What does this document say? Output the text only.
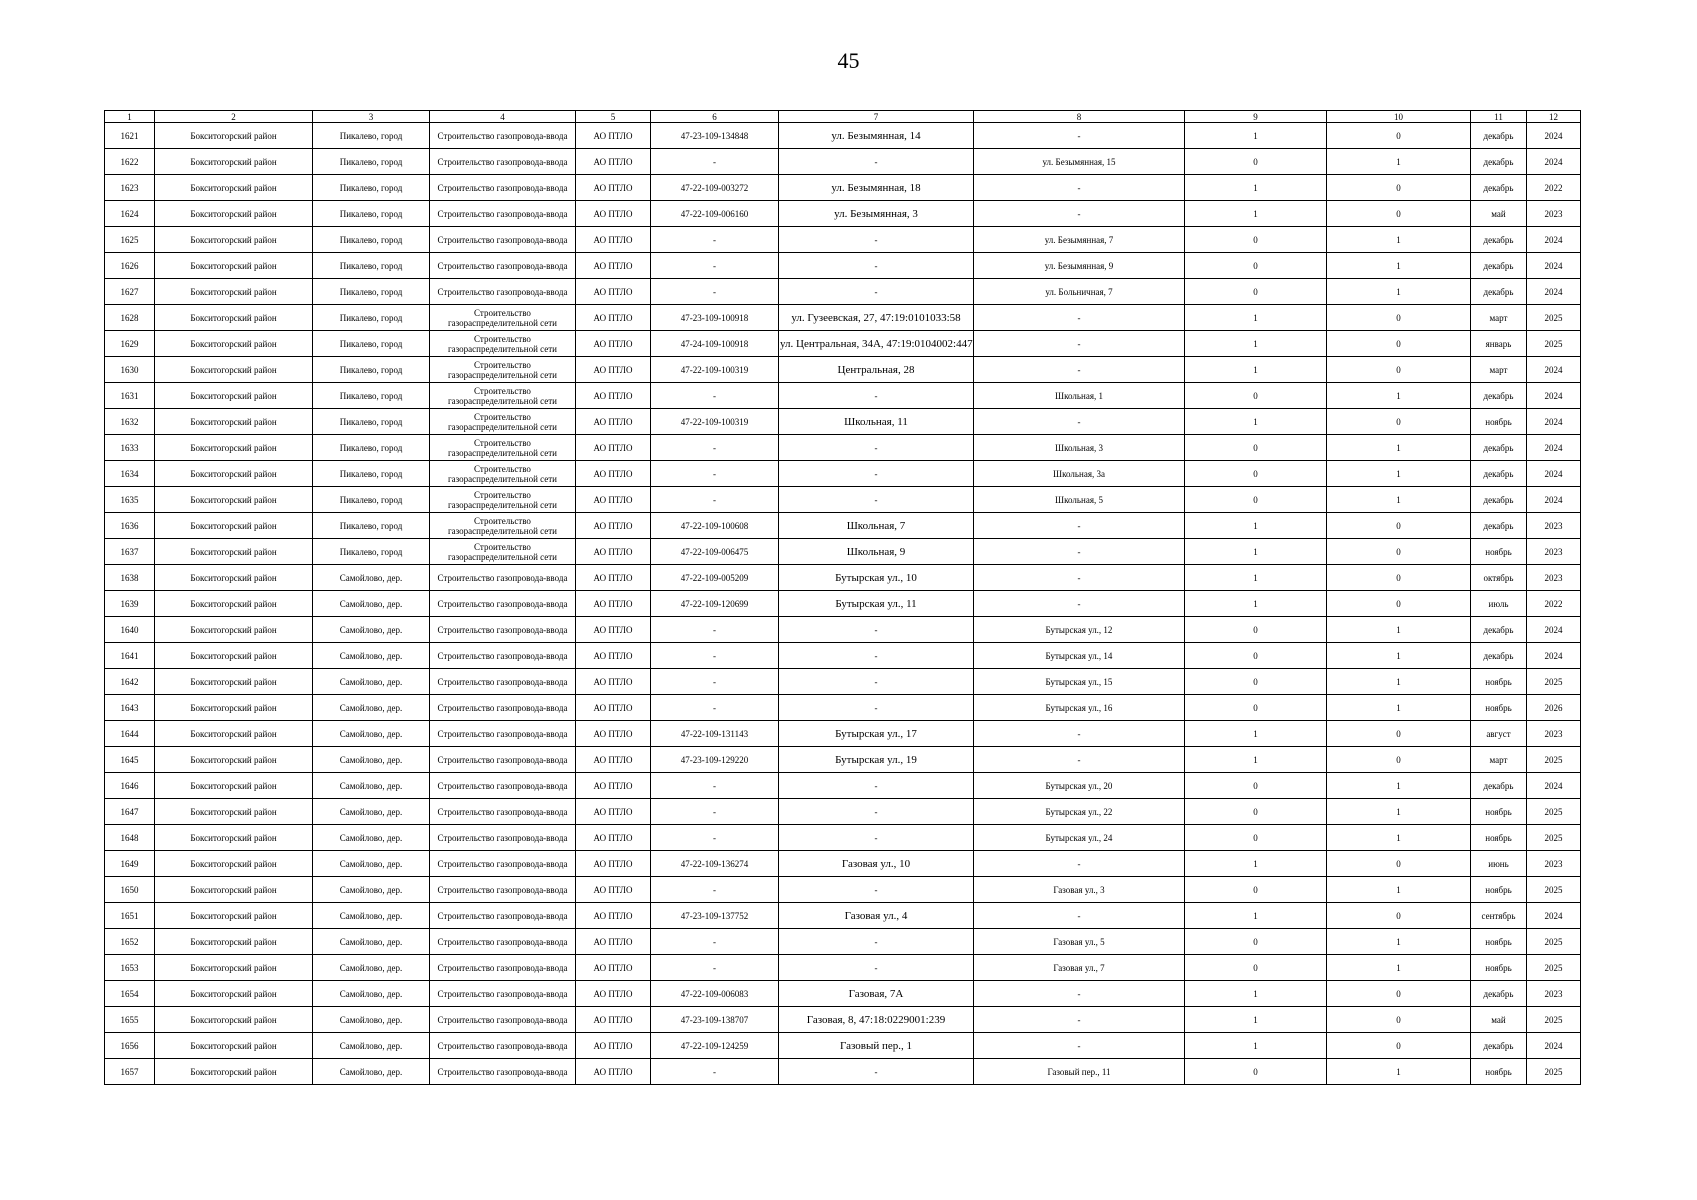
45
1	2	3	4	5	6	7	8	9	10	11	12
1621	Бокситогорский район	Пикалево, город	Строительство газопровода-ввода	АО ПТЛО	47-23-109-134848	ул. Безымянная, 14	-	1	0	декабрь	2024
1622	Бокситогорский район	Пикалево, город	Строительство газопровода-ввода	АО ПТЛО	-	-	ул. Безымянная, 15	0	1	декабрь	2024
1623	Бокситогорский район	Пикалево, город	Строительство газопровода-ввода	АО ПТЛО	47-22-109-003272	ул. Безымянная, 18	-	1	0	декабрь	2022
1624	Бокситогорский район	Пикалево, город	Строительство газопровода-ввода	АО ПТЛО	47-22-109-006160	ул. Безымянная, 3	-	1	0	май	2023
1625	Бокситогорский район	Пикалево, город	Строительство газопровода-ввода	АО ПТЛО	-	-	ул. Безымянная, 7	0	1	декабрь	2024
1626	Бокситогорский район	Пикалево, город	Строительство газопровода-ввода	АО ПТЛО	-	-	ул. Безымянная, 9	0	1	декабрь	2024
1627	Бокситогорский район	Пикалево, город	Строительство газопровода-ввода	АО ПТЛО	-	-	ул. Больничная, 7	0	1	декабрь	2024
1628	Бокситогорский район	Пикалево, город	Строительство газораспределительной сети	АО ПТЛО	47-23-109-100918	ул. Гузеевская, 27, 47:19:0101033:58	-	1	0	март	2025
1629	Бокситогорский район	Пикалево, город	Строительство газораспределительной сети	АО ПТЛО	47-24-109-100918	ул. Центральная, 34А, 47:19:0104002:447	-	1	0	январь	2025
1630	Бокситогорский район	Пикалево, город	Строительство газораспределительной сети	АО ПТЛО	47-22-109-100319	Центральная, 28	-	1	0	март	2024
1631	Бокситогорский район	Пикалево, город	Строительство газораспределительной сети	АО ПТЛО	-	-	Школьная, 1	0	1	декабрь	2024
1632	Бокситогорский район	Пикалево, город	Строительство газораспределительной сети	АО ПТЛО	47-22-109-100319	Школьная, 11	-	1	0	ноябрь	2024
1633	Бокситогорский район	Пикалево, город	Строительство газораспределительной сети	АО ПТЛО	-	-	Школьная, 3	0	1	декабрь	2024
1634	Бокситогорский район	Пикалево, город	Строительство газораспределительной сети	АО ПТЛО	-	-	Школьная, 3а	0	1	декабрь	2024
1635	Бокситогорский район	Пикалево, город	Строительство газораспределительной сети	АО ПТЛО	-	-	Школьная, 5	0	1	декабрь	2024
1636	Бокситогорский район	Пикалево, город	Строительство газораспределительной сети	АО ПТЛО	47-22-109-100608	Школьная, 7	-	1	0	декабрь	2023
1637	Бокситогорский район	Пикалево, город	Строительство газораспределительной сети	АО ПТЛО	47-22-109-006475	Школьная, 9	-	1	0	ноябрь	2023
1638	Бокситогорский район	Самойлово, дер.	Строительство газопровода-ввода	АО ПТЛО	47-22-109-005209	Бутырская ул., 10	-	1	0	октябрь	2023
1639	Бокситогорский район	Самойлово, дер.	Строительство газопровода-ввода	АО ПТЛО	47-22-109-120699	Бутырская ул., 11	-	1	0	июль	2022
1640	Бокситогорский район	Самойлово, дер.	Строительство газопровода-ввода	АО ПТЛО	-	-	Бутырская ул., 12	0	1	декабрь	2024
1641	Бокситогорский район	Самойлово, дер.	Строительство газопровода-ввода	АО ПТЛО	-	-	Бутырская ул., 14	0	1	декабрь	2024
1642	Бокситогорский район	Самойлово, дер.	Строительство газопровода-ввода	АО ПТЛО	-	-	Бутырская ул., 15	0	1	ноябрь	2025
1643	Бокситогорский район	Самойлово, дер.	Строительство газопровода-ввода	АО ПТЛО	-	-	Бутырская ул., 16	0	1	ноябрь	2026
1644	Бокситогорский район	Самойлово, дер.	Строительство газопровода-ввода	АО ПТЛО	47-22-109-131143	Бутырская ул., 17	-	1	0	август	2023
1645	Бокситогорский район	Самойлово, дер.	Строительство газопровода-ввода	АО ПТЛО	47-23-109-129220	Бутырская ул., 19	-	1	0	март	2025
1646	Бокситогорский район	Самойлово, дер.	Строительство газопровода-ввода	АО ПТЛО	-	-	Бутырская ул., 20	0	1	декабрь	2024
1647	Бокситогорский район	Самойлово, дер.	Строительство газопровода-ввода	АО ПТЛО	-	-	Бутырская ул., 22	0	1	ноябрь	2025
1648	Бокситогорский район	Самойлово, дер.	Строительство газопровода-ввода	АО ПТЛО	-	-	Бутырская ул., 24	0	1	ноябрь	2025
1649	Бокситогорский район	Самойлово, дер.	Строительство газопровода-ввода	АО ПТЛО	47-22-109-136274	Газовая ул., 10	-	1	0	июнь	2023
1650	Бокситогорский район	Самойлово, дер.	Строительство газопровода-ввода	АО ПТЛО	-	-	Газовая ул., 3	0	1	ноябрь	2025
1651	Бокситогорский район	Самойлово, дер.	Строительство газопровода-ввода	АО ПТЛО	47-23-109-137752	Газовая ул., 4	-	1	0	сентябрь	2024
1652	Бокситогорский район	Самойлово, дер.	Строительство газопровода-ввода	АО ПТЛО	-	-	Газовая ул., 5	0	1	ноябрь	2025
1653	Бокситогорский район	Самойлово, дер.	Строительство газопровода-ввода	АО ПТЛО	-	-	Газовая ул., 7	0	1	ноябрь	2025
1654	Бокситогорский район	Самойлово, дер.	Строительство газопровода-ввода	АО ПТЛО	47-22-109-006083	Газовая, 7А	-	1	0	декабрь	2023
1655	Бокситогорский район	Самойлово, дер.	Строительство газопровода-ввода	АО ПТЛО	47-23-109-138707	Газовая, 8, 47:18:0229001:239	-	1	0	май	2025
1656	Бокситогорский район	Самойлово, дер.	Строительство газопровода-ввода	АО ПТЛО	47-22-109-124259	Газовый пер., 1	-	1	0	декабрь	2024
1657	Бокситогорский район	Самойлово, дер.	Строительство газопровода-ввода	АО ПТЛО	-	-	Газовый пер., 11	0	1	ноябрь	2025
